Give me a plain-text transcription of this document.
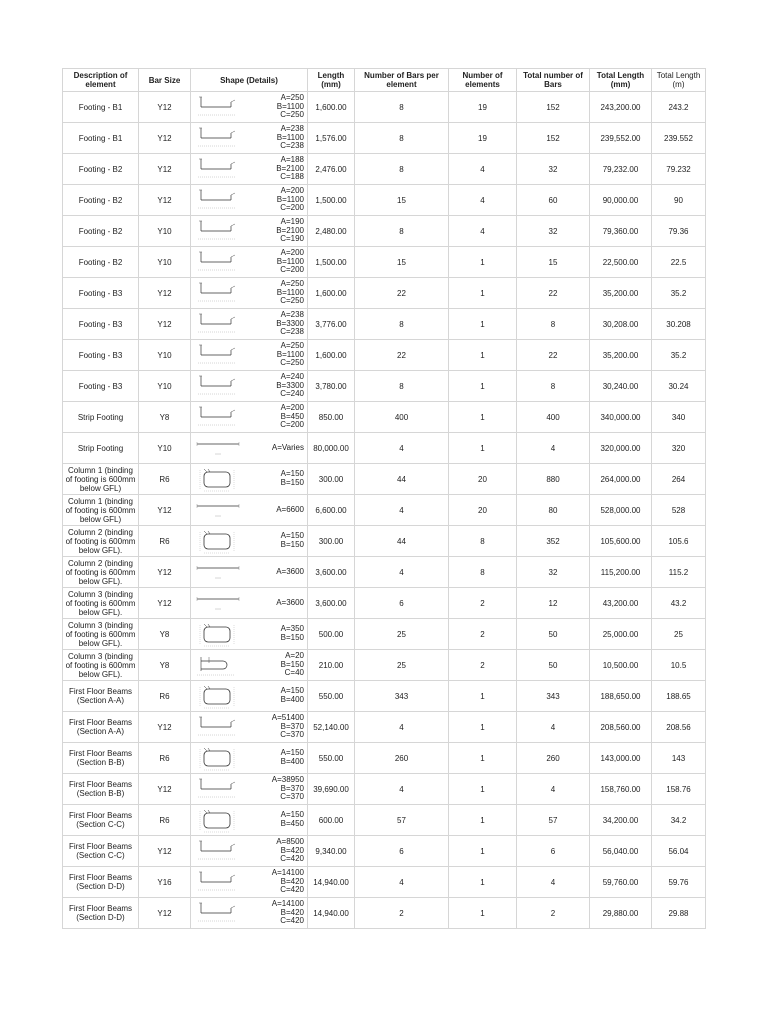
Description of element	Bar Size	Shape (Details)	Length (mm)	Number of Bars per element	Number of elements	Total number of Bars	Total Length (mm)	Total Length (m)
Footing - B1	Y12	A=250
B=1100
C=250	1,600.00	8	19	152	243,200.00	243.2
Footing - B1	Y12	A=238
B=1100
C=238	1,576.00	8	19	152	239,552.00	239.552
Footing - B2	Y12	A=188
B=2100
C=188	2,476.00	8	4	32	79,232.00	79.232
Footing - B2	Y12	A=200
B=1100
C=200	1,500.00	15	4	60	90,000.00	90
Footing - B2	Y10	A=190
B=2100
C=190	2,480.00	8	4	32	79,360.00	79.36
Footing - B2	Y10	A=200
B=1100
C=200	1,500.00	15	1	15	22,500.00	22.5
Footing - B3	Y12	A=250
B=1100
C=250	1,600.00	22	1	22	35,200.00	35.2
Footing - B3	Y12	A=238
B=3300
C=238	3,776.00	8	1	8	30,208.00	30.208
Footing - B3	Y10	A=250
B=1100
C=250	1,600.00	22	1	22	35,200.00	35.2
Footing - B3	Y10	A=240
B=3300
C=240	3,780.00	8	1	8	30,240.00	30.24
Strip Footing	Y8	A=200
B=450
C=200	850.00	400	1	400	340,000.00	340
Strip Footing	Y10	A=Varies	80,000.00	4	1	4	320,000.00	320
Column 1 (binding of footing is 600mm below GFL)	R6	A=150
B=150	300.00	44	20	880	264,000.00	264
Column 1 (binding of footing is 600mm below GFL)	Y12	A=6600	6,600.00	4	20	80	528,000.00	528
Column 2 (binding of footing is 600mm below GFL).	R6	A=150
B=150	300.00	44	8	352	105,600.00	105.6
Column 2 (binding of footing is 600mm below GFL).	Y12	A=3600	3,600.00	4	8	32	115,200.00	115.2
Column 3 (binding of footing is 600mm below GFL).	Y12	A=3600	3,600.00	6	2	12	43,200.00	43.2
Column 3 (binding of footing is 600mm below GFL).	Y8	A=350
B=150	500.00	25	2	50	25,000.00	25
Column 3 (binding of footing is 600mm below GFL).	Y8	A=20
B=150
C=40	210.00	25	2	50	10,500.00	10.5
First Floor Beams (Section A-A)	R6	A=150
B=400	550.00	343	1	343	188,650.00	188.65
First Floor Beams (Section A-A)	Y12	A=51400
B=370
C=370	52,140.00	4	1	4	208,560.00	208.56
First Floor Beams (Section B-B)	R6	A=150
B=400	550.00	260	1	260	143,000.00	143
First Floor Beams (Section B-B)	Y12	A=38950
B=370
C=370	39,690.00	4	1	4	158,760.00	158.76
First Floor Beams (Section C-C)	R6	A=150
B=450	600.00	57	1	57	34,200.00	34.2
First Floor Beams (Section C-C)	Y12	A=8500
B=420
C=420	9,340.00	6	1	6	56,040.00	56.04
First Floor Beams (Section D-D)	Y16	A=14100
B=420
C=420	14,940.00	4	1	4	59,760.00	59.76
First Floor Beams (Section D-D)	Y12	A=14100
B=420
C=420	14,940.00	2	1	2	29,880.00	29.88
